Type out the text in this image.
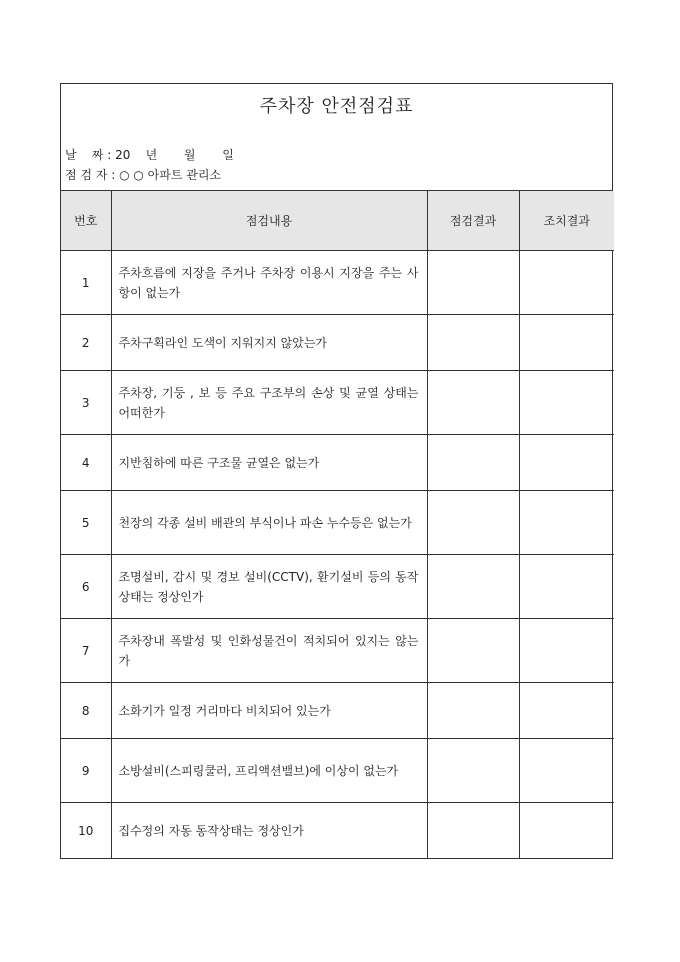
주차장 안전점검표
날    짜 : 20    년       월       일
점 검 자 : ○ ○ 아파트 관리소
번호	점검내용	점검결과	조치결과
1	주차흐름에 지장을 주거나 주차장 이용시 지장을 주는 사항이 없는가		
2	주차구획라인 도색이 지워지지 않았는가		
3	주차장, 기둥 , 보 등 주요 구조부의 손상 및 균열 상태는 어떠한가		
4	지반침하에 따른 구조물 균열은 없는가		
5	천장의 각종 설비 배관의 부식이나 파손 누수등은 없는가		
6	조명설비, 감시 및 경보 설비(CCTV), 환기설비 등의 동작상태는 정상인가		
7	주차장내 폭발성 및 인화성물건이 적치되어 있지는 않는가		
8	소화기가 일정 거리마다 비치되어 있는가		
9	소방설비(스피링쿨러, 프리액션밸브)에 이상이 없는가		
10	집수정의 자동 동작상태는 정상인가		
